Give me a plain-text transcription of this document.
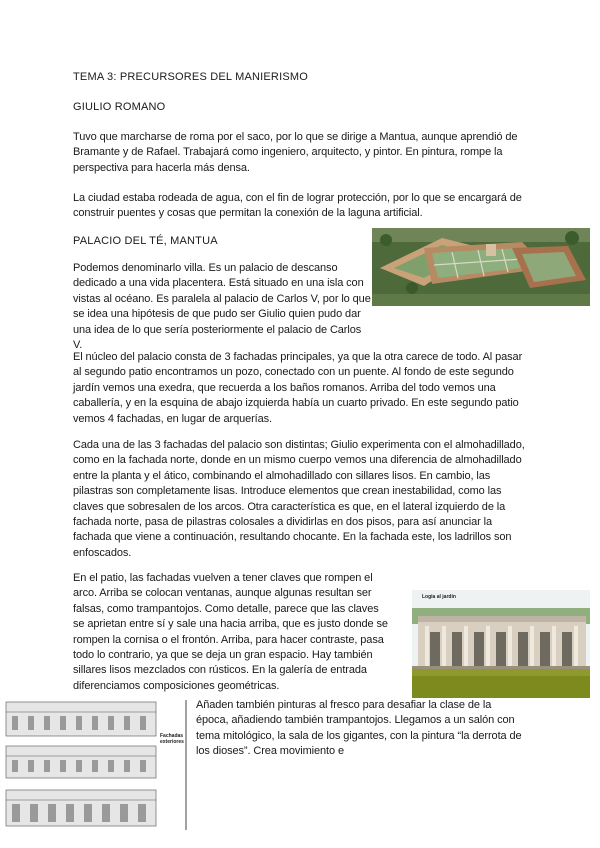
TEMA 3: PRECURSORES DEL MANIERISMO

GIULIO ROMANO

Tuvo que marcharse de roma por el saco, por lo que se dirige a Mantua, aunque aprendió de Bramante y de Rafael. Trabajará como ingeniero, arquitecto, y pintor. En pintura, rompe la perspectiva para hacerla más densa.

La ciudad estaba rodeada de agua, con el fin de lograr protección, por lo que se encargará de construir puentes y cosas que permitan la conexión de la laguna artificial.

PALACIO DEL TÉ, MANTUA

Podemos denominarlo villa. Es un palacio de descanso dedicado a una vida placentera. Está situado en una isla con vistas al océano. Es paralela al palacio de Carlos V, por lo que se idea una hipótesis de que pudo ser Giulio quien pudo dar una idea de lo que sería posteriormente el palacio de Carlos V.

El núcleo del palacio consta de 3 fachadas principales, ya que la otra carece de todo. Al pasar al segundo patio encontramos un pozo, conectado con un puente. Al fondo de este segundo jardín vemos una exedra, que recuerda a los baños romanos. Arriba del todo vemos una caballería, y en la esquina de abajo izquierda había un cuarto privado. En este segundo patio vemos 4 fachadas, en lugar de arquerías.

Cada una de las 3 fachadas del palacio son distintas; Giulio experimenta con el almohadillado, como en la fachada norte, donde en un mismo cuerpo vemos una diferencia de almohadillado entre la planta y el ático, combinando el almohadillado con sillares lisos. En cambio, las pilastras son completamente lisas. Introduce elementos que crean inestabilidad, como las claves que sobresalen de los arcos. Otra característica es que, en el lateral izquierdo de la fachada norte, pasa de pilastras colosales a dividirlas en dos pisos, para así anunciar la fachada que viene a continuación, resultando chocante. En la fachada este, los ladrillos son enfoscados.

En el patio, las fachadas vuelven a tener claves que rompen el arco. Arriba se colocan ventanas, aunque algunas resultan ser falsas, como trampantojos. Como detalle, parece que las claves se aprietan entre sí y sale una hacia arriba, que es justo donde se rompen la cornisa o el frontón. Arriba, para hacer contraste, pasa todo lo contrario, ya que se deja un gran espacio. Hay también sillares lisos mezclados con rústicos. En la galería de entrada diferenciamos composiciones geométricas.

Logia al jardín
Fachadas
exteriores

Añaden también pinturas al fresco para desafiar la clase de la época, añadiendo también trampantojos. Llegamos a un salón con tema mitológico, la sala de los gigantes, con la pintura “la derrota de los dioses”. Crea movimiento e
